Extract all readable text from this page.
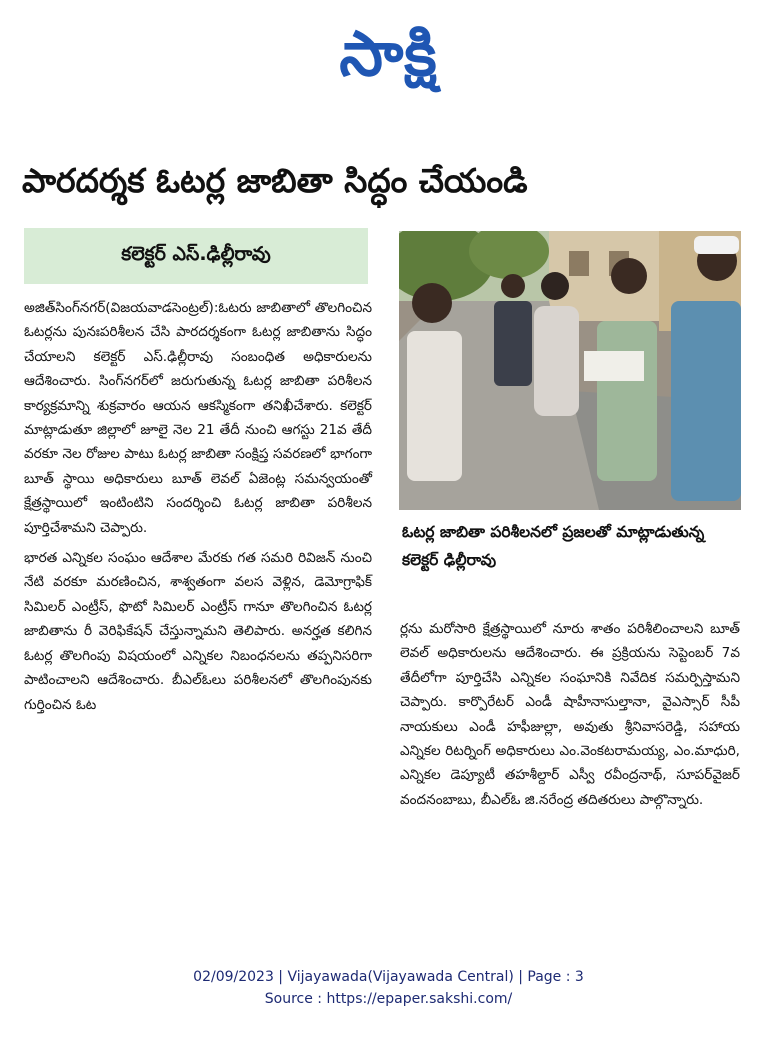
సాక్షి
పారదర్శక ఓటర్ల జాబితా సిద్ధం చేయండి
కలెక్టర్ ఎస్.ఢిల్లీరావు

అజిత్‌సింగ్‌నగర్(విజయవాడసెంట్రల్):ఓటరు జాబితాలో తొలగించిన ఓటర్లను పునఃపరిశీలన చేసి పారదర్శకంగా ఓటర్ల జాబితాను సిద్ధం చేయాలని కలెక్టర్ ఎస్.ఢిల్లీరావు సంబంధిత అధికారులను ఆదేశించారు. సింగ్‌నగర్‌లో జరుగుతున్న ఓటర్ల జాబితా పరిశీలన కార్యక్రమాన్ని శుక్రవారం ఆయన ఆకస్మికంగా తనిఖీచేశారు. కలెక్టర్ మాట్లాడుతూ జిల్లాలో జూలై నెల 21 తేదీ నుంచి ఆగస్టు 21వ తేదీ వరకూ నెల రోజుల పాటు ఓటర్ల జాబితా సంక్షిప్త సవరణలో భాగంగా బూత్ స్థాయి అధికారులు బూత్ లెవల్ ఏజెంట్ల సమన్వయంతో క్షేత్రస్థాయిలో ఇంటింటిని సందర్శించి ఓటర్ల జాబితా పరిశీలన పూర్తిచేశామని చెప్పారు.

భారత ఎన్నికల సంఘం ఆదేశాల మేరకు గత సమరి రివిజన్ నుంచి నేటి వరకూ మరణించిన, శాశ్వతంగా వలస వెళ్లిన, డెమోగ్రాఫిక్ సిమిలర్ ఎంట్రీస్, ఫొటో సిమిలర్ ఎంట్రీస్ గానూ తొలగించిన ఓటర్ల జాబితాను రీ వెరిఫికేషన్ చేస్తున్నామని తెలిపారు. అనర్హత కలిగిన ఓటర్ల తొలగింపు విషయంలో ఎన్నికల నిబంధనలను తప్పనిసరిగా పాటించాలని ఆదేశించారు. బీఎల్ఓలు పరిశీలనలో తొలగింపునకు గుర్తించిన ఓట

ఓటర్ల జాబితా పరిశీలనలో ప్రజలతో మాట్లాడుతున్న కలెక్టర్ ఢిల్లీరావు

ర్లను మరోసారి క్షేత్రస్థాయిలో నూరు శాతం పరిశీలించాలని బూత్ లెవల్ అధికారులను ఆదేశించారు. ఈ ప్రక్రియను సెప్టెంబర్ 7వ తేదీలోగా పూర్తిచేసి ఎన్నికల సంఘానికి నివేదిక సమర్పిస్తామని చెప్పారు. కార్పొరేటర్ ఎండీ షాహీనాసుల్తానా, వైఎస్సార్ సీపీ నాయకులు ఎండీ హఫీజుల్లా, అవుతు శ్రీనివాసరెడ్డి, సహాయ ఎన్నికల రిటర్నింగ్ అధికారులు ఎం.వెంకటరామయ్య, ఎం.మాధురి, ఎన్నికల డెప్యూటీ తహశీల్దార్ ఎస్వీ రవీంద్రనాథ్, సూపర్‌వైజర్ వందనంబాబు, బీఎల్ఓ జి.నరేంద్ర తదితరులు పాల్గొన్నారు.

02/09/2023 | Vijayawada(Vijayawada Central) | Page : 3
Source : https://epaper.sakshi.com/
